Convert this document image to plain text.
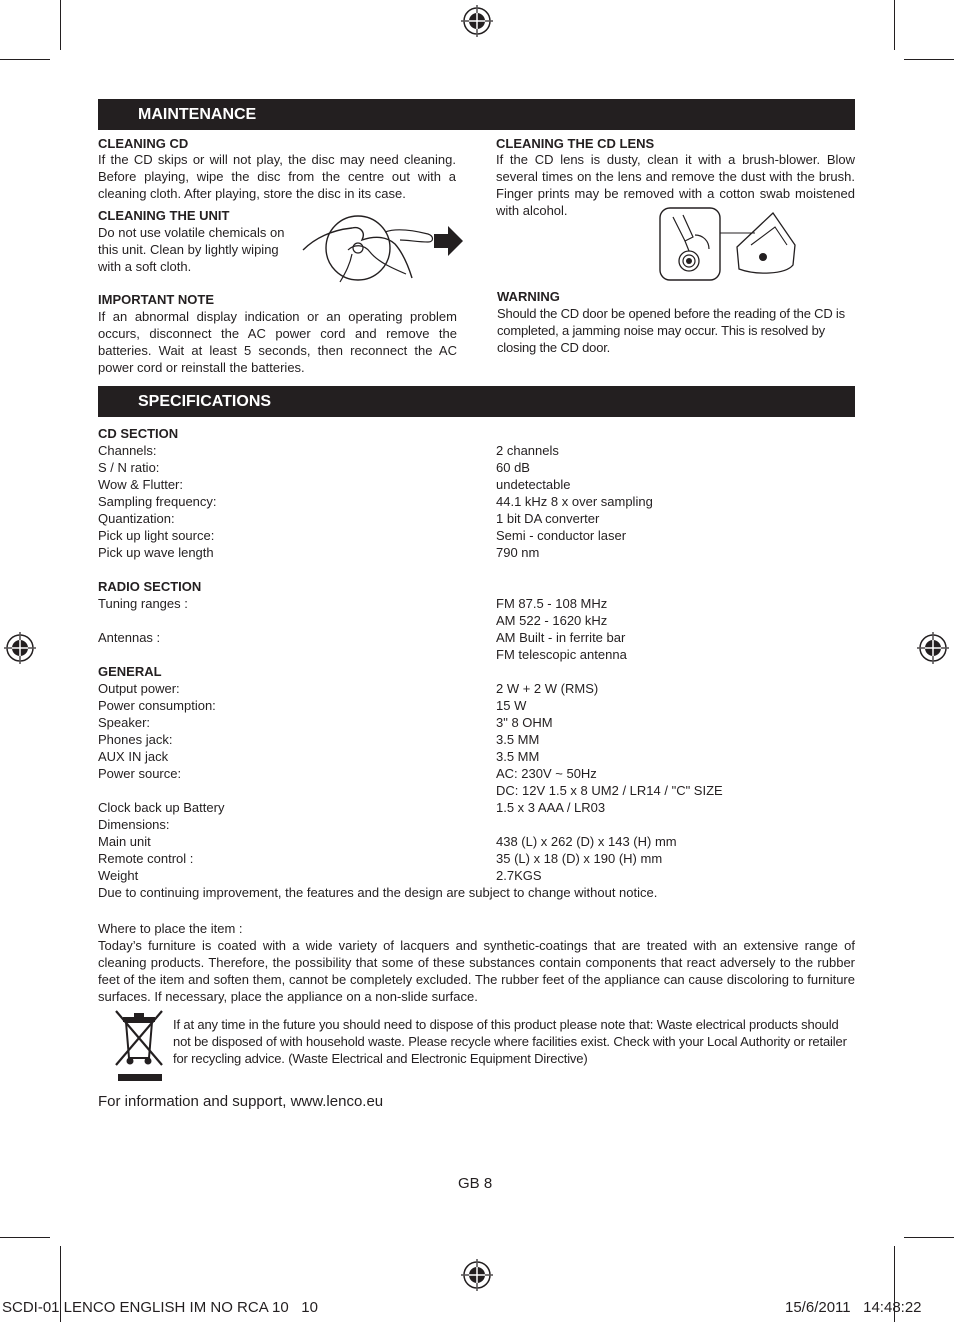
MAINTENANCE
CLEANING CD
If the CD skips or will not play, the disc may need cleaning. Before playing, wipe the disc from the centre out with a cleaning cloth. After playing, store the disc in its case.
CLEANING THE UNIT
Do not use volatile chemicals on this unit. Clean by lightly wiping with a soft cloth.
IMPORTANT NOTE
If an abnormal display indication or an operating problem occurs, disconnect the AC power cord and remove the batteries. Wait at least 5 seconds, then reconnect the AC power cord or reinstall the batteries.
CLEANING THE CD LENS
If the CD lens is dusty, clean it with a brush-blower. Blow several times on the lens and remove the dust with the brush. Finger prints may be removed with a cotton swab moistened with alcohol.
WARNING
Should the CD door be opened before the reading of the CD is completed, a jamming noise may occur. This is resolved by closing the CD door.
SPECIFICATIONS
CD SECTION
Channels:	2 channels
S / N ratio:	60 dB
Wow & Flutter:	undetectable
Sampling frequency:	44.1 kHz 8 x over sampling
Quantization:	1 bit DA converter
Pick up light source:	Semi - conductor laser
Pick up wave length	790 nm
RADIO SECTION
Tuning ranges :	FM 87.5 - 108 MHz
AM 522 - 1620 kHz
Antennas :	AM Built - in ferrite bar
FM telescopic antenna
GENERAL
Output power:	2 W + 2 W (RMS)
Power consumption:	15 W
Speaker:	3" 8 OHM
Phones jack:	3.5 MM
AUX IN jack	3.5 MM
Power source:	AC: 230V ~ 50Hz
DC: 12V 1.5 x 8 UM2 / LR14 / "C" SIZE
Clock back up Battery	1.5 x 3 AAA / LR03
Dimensions:
Main unit	438 (L) x 262 (D) x 143 (H) mm
Remote control :	35 (L) x 18 (D) x 190 (H) mm
Weight	2.7KGS
Due to continuing improvement, the features and the design are subject to change without notice.
Where to place the item :
Today’s furniture is coated with a wide variety of lacquers and synthetic-coatings that are treated with an extensive range of cleaning products. Therefore, the possibility that some of these substances contain components that react adversely to the rubber feet of the item and soften them, cannot be completely excluded. The rubber feet of the appliance can cause discoloring to furniture surfaces. If necessary, place the appliance on a non-slide surface.
If at any time in the future you should need to dispose of this product please note that: Waste electrical products should not be disposed of with household waste. Please recycle where facilities exist. Check with your Local Authority or retailer for recycling advice. (Waste Electrical and Electronic Equipment Directive)
For information and support, www.lenco.eu
GB 8
SCDI-01 LENCO ENGLISH IM NO RCA 10   10	15/6/2011   14:48:22
